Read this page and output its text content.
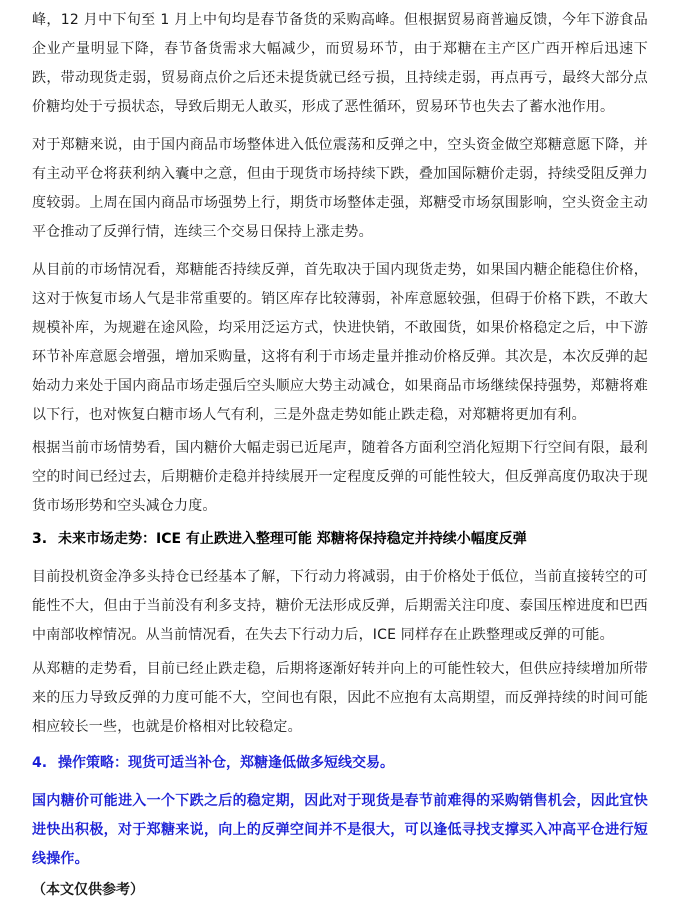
峰，12 月中下旬至 1 月上中旬均是春节备货的采购高峰。但根据贸易商普遍反馈，今年下游食品企业产量明显下降，春节备货需求大幅减少，而贸易环节，由于郑糖在主产区广西开榨后迅速下跌，带动现货走弱，贸易商点价之后还未提货就已经亏损，且持续走弱，再点再亏，最终大部分点价糖均处于亏损状态，导致后期无人敢买，形成了恶性循环，贸易环节也失去了蓄水池作用。

对于郑糖来说，由于国内商品市场整体进入低位震荡和反弹之中，空头资金做空郑糖意愿下降，并有主动平仓将获利纳入囊中之意，但由于现货市场持续下跌，叠加国际糖价走弱，持续受阻反弹力度较弱。上周在国内商品市场强势上行，期货市场整体走强，郑糖受市场氛围影响，空头资金主动平仓推动了反弹行情，连续三个交易日保持上涨走势。

从目前的市场情况看，郑糖能否持续反弹，首先取决于国内现货走势，如果国内糖企能稳住价格，这对于恢复市场人气是非常重要的。销区库存比较薄弱，补库意愿较强，但碍于价格下跌，不敢大规模补库，为规避在途风险，均采用泛运方式，快进快销，不敢囤货，如果价格稳定之后，中下游环节补库意愿会增强，增加采购量，这将有利于市场走量并推动价格反弹。其次是，本次反弹的起始动力来处于国内商品市场走强后空头顺应大势主动减仓，如果商品市场继续保持强势，郑糖将难以下行，也对恢复白糖市场人气有利，三是外盘走势如能止跌走稳，对郑糖将更加有利。

根据当前市场情势看，国内糖价大幅走弱已近尾声，随着各方面利空消化短期下行空间有限，最利空的时间已经过去，后期糖价走稳并持续展开一定程度反弹的可能性较大，但反弹高度仍取决于现货市场形势和空头减仓力度。

3. 未来市场走势：ICE 有止跌进入整理可能 郑糖将保持稳定并持续小幅度反弹

目前投机资金净多头持仓已经基本了解，下行动力将减弱，由于价格处于低位，当前直接转空的可能性不大，但由于当前没有利多支持，糖价无法形成反弹，后期需关注印度、泰国压榨进度和巴西中南部收榨情况。从当前情况看，在失去下行动力后，ICE 同样存在止跌整理或反弹的可能。

从郑糖的走势看，目前已经止跌走稳，后期将逐渐好转并向上的可能性较大，但供应持续增加所带来的压力导致反弹的力度可能不大，空间也有限，因此不应抱有太高期望，而反弹持续的时间可能相应较长一些，也就是价格相对比较稳定。

4. 操作策略：现货可适当补仓，郑糖逢低做多短线交易。

国内糖价可能进入一个下跌之后的稳定期，因此对于现货是春节前难得的采购销售机会，因此宜快进快出积极，对于郑糖来说，向上的反弹空间并不是很大，可以逢低寻找支撑买入冲高平仓进行短线操作。

（本文仅供参考）
